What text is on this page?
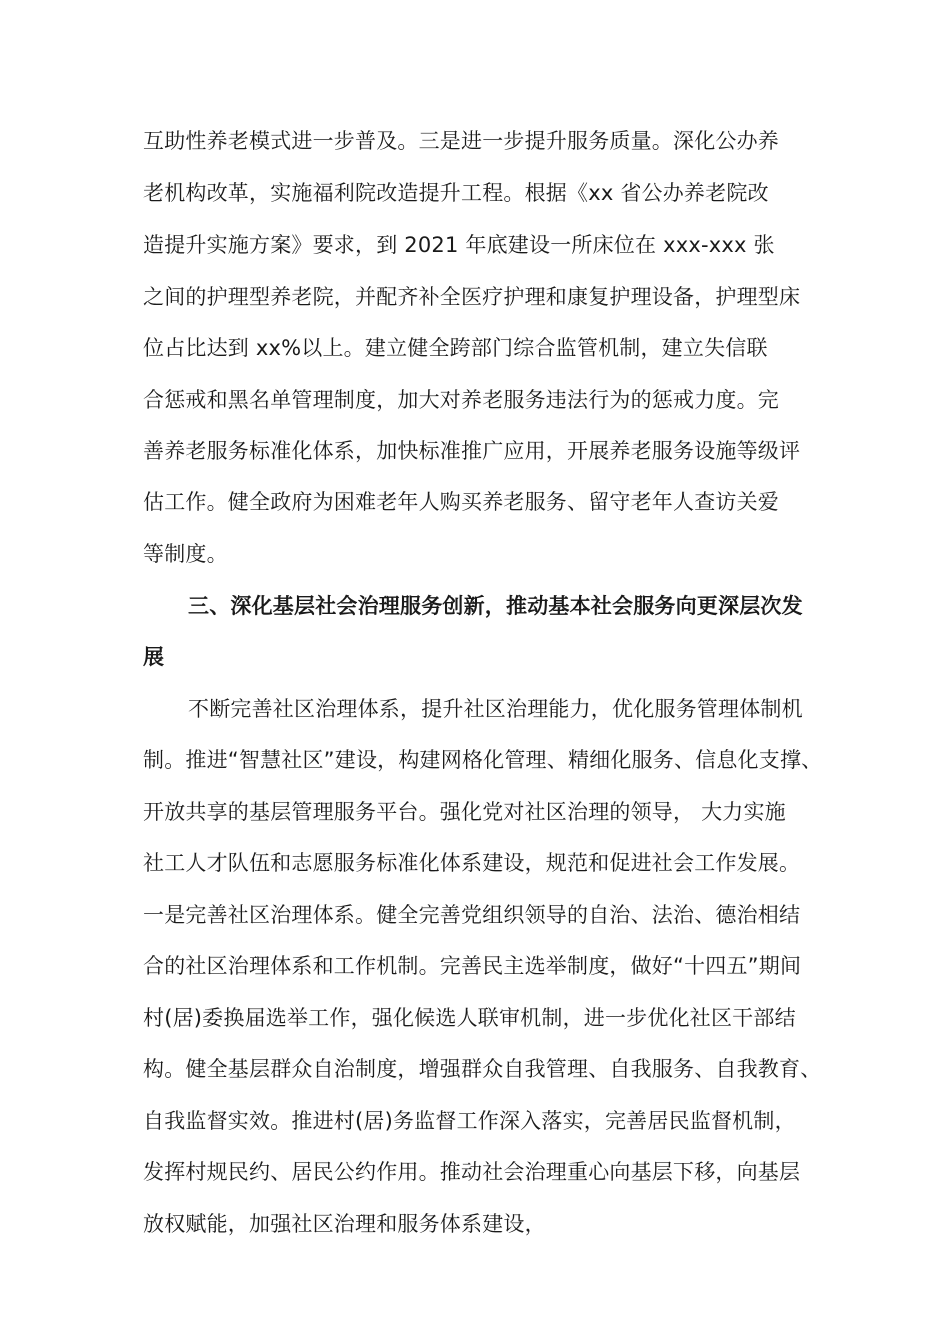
互助性养老模式进一步普及。三是进一步提升服务质量。深化公办养
老机构改革，实施福利院改造提升工程。根据《xx 省公办养老院改
造提升实施方案》要求，到 2021 年底建设一所床位在 xxx-xxx 张
之间的护理型养老院，并配齐补全医疗护理和康复护理设备，护理型床
位占比达到 xx%以上。建立健全跨部门综合监管机制，建立失信联
合惩戒和黑名单管理制度，加大对养老服务违法行为的惩戒力度。完
善养老服务标准化体系，加快标准推广应用，开展养老服务设施等级评
估工作。健全政府为困难老年人购买养老服务、留守老年人查访关爱
等制度。
三、深化基层社会治理服务创新，推动基本社会服务向更深层次发
展
不断完善社区治理体系，提升社区治理能力，优化服务管理体制机
制。推进“智慧社区”建设，构建网格化管理、精细化服务、信息化支撑、
开放共享的基层管理服务平台。强化党对社区治理的领导， 大力实施
社工人才队伍和志愿服务标准化体系建设，规范和促进社会工作发展。
一是完善社区治理体系。健全完善党组织领导的自治、法治、德治相结
合的社区治理体系和工作机制。完善民主选举制度，做好“十四五”期间
村(居)委换届选举工作，强化候选人联审机制，进一步优化社区干部结
构。健全基层群众自治制度，增强群众自我管理、自我服务、自我教育、
自我监督实效。推进村(居)务监督工作深入落实，完善居民监督机制，
发挥村规民约、居民公约作用。推动社会治理重心向基层下移，向基层
放权赋能，加强社区治理和服务体系建设，
